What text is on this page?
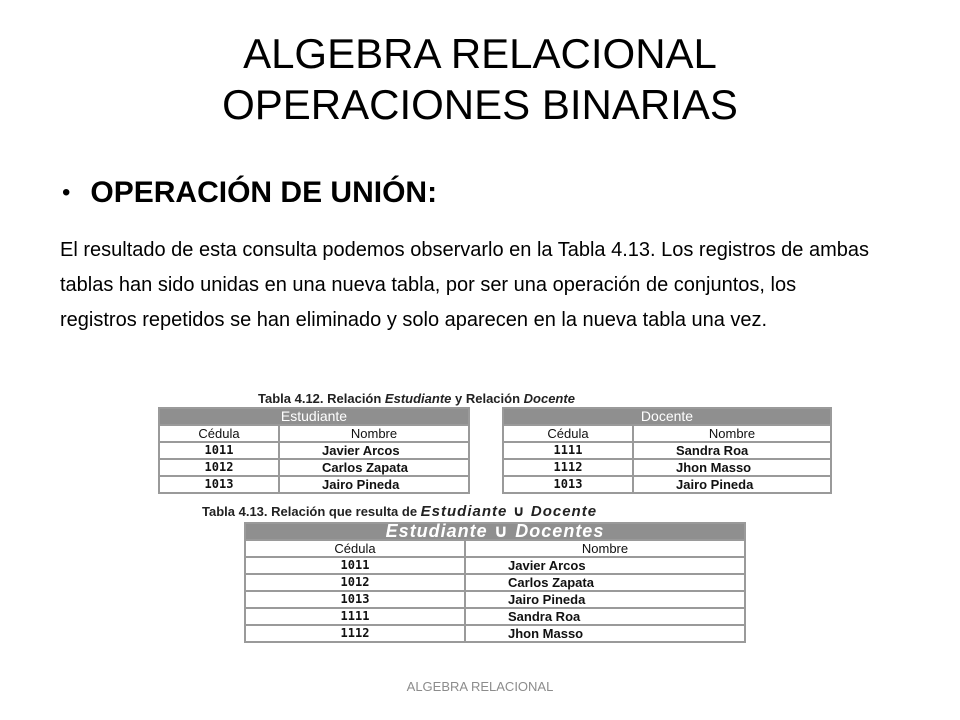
ALGEBRA RELACIONAL
OPERACIONES BINARIAS
• OPERACIÓN DE UNIÓN:
El resultado de esta consulta podemos observarlo en la Tabla 4.13. Los registros de ambas tablas han sido unidas en una nueva tabla, por ser una operación de conjuntos, los registros repetidos se han eliminado y solo aparecen en la nueva tabla una vez.
Tabla 4.12. Relación Estudiante y Relación Docente
Estudiante	
Cédula	Nombre
1011	Javier Arcos
1012	Carlos Zapata
1013	Jairo Pineda
Docente	
Cédula	Nombre
1111	Sandra Roa
1112	Jhon Masso
1013	Jairo Pineda
Tabla 4.13. Relación que resulta de Estudiante ∪ Docente
Estudiante ∪ Docentes	
Cédula	Nombre
1011	Javier Arcos
1012	Carlos Zapata
1013	Jairo Pineda
1111	Sandra Roa
1112	Jhon Masso
ALGEBRA RELACIONAL
